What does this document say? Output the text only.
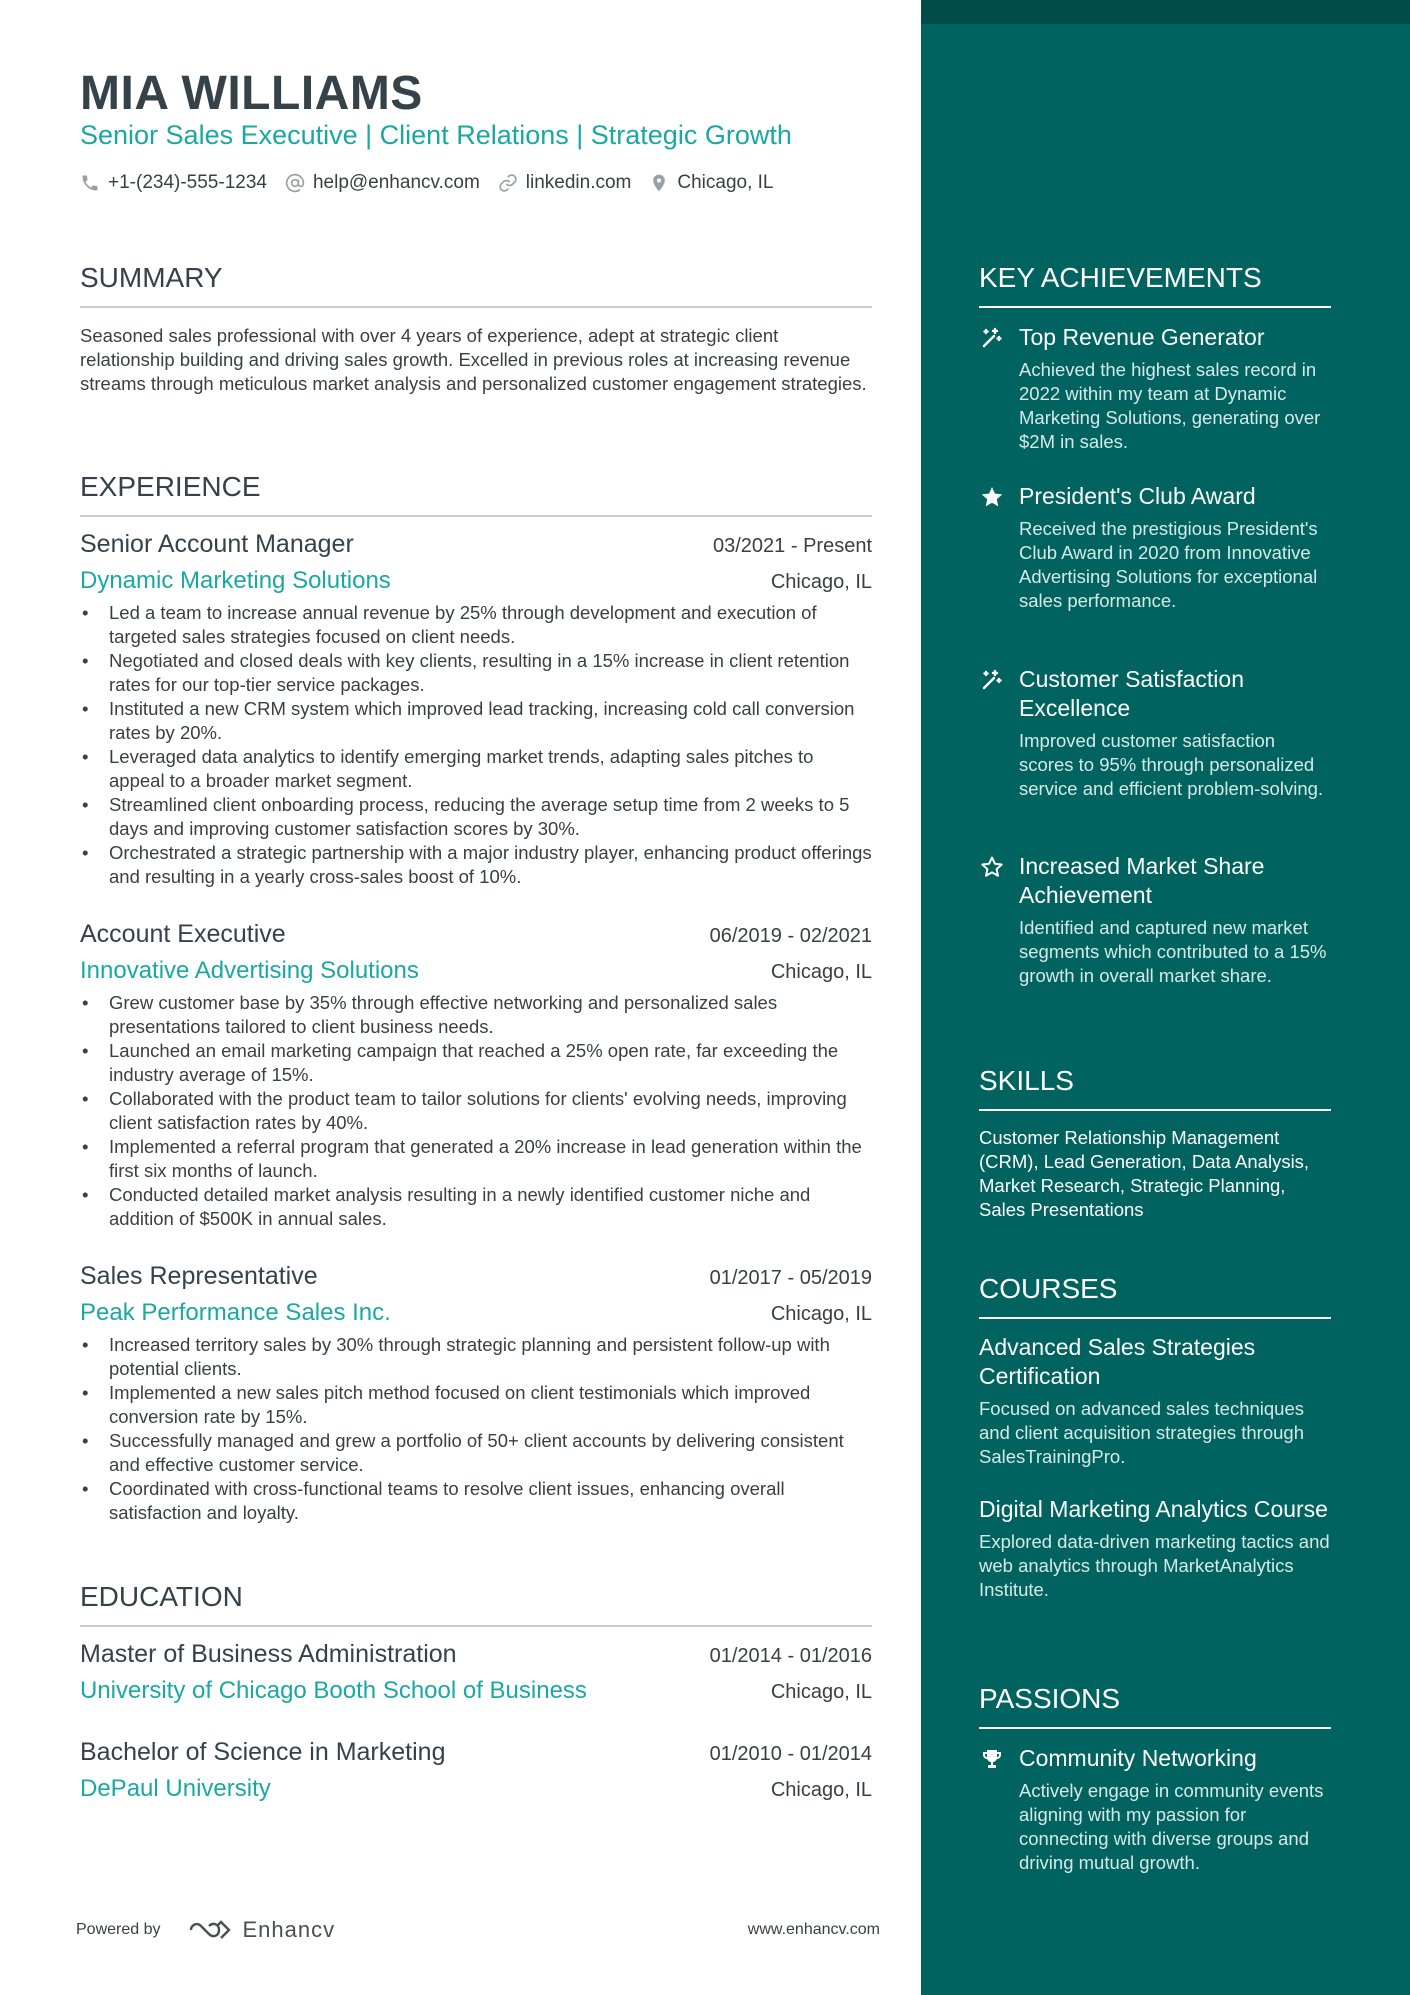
MIA WILLIAMS
Senior Sales Executive | Client Relations | Strategic Growth
+1-(234)-555-1234 help@enhancv.com linkedin.com Chicago, IL
SUMMARY
Seasoned sales professional with over 4 years of experience, adept at strategic client relationship building and driving sales growth. Excelled in previous roles at increasing revenue streams through meticulous market analysis and personalized customer engagement strategies.
EXPERIENCE
Senior Account Manager	03/2021 - Present
Dynamic Marketing Solutions	Chicago, IL
• Led a team to increase annual revenue by 25% through development and execution of targeted sales strategies focused on client needs.
• Negotiated and closed deals with key clients, resulting in a 15% increase in client retention rates for our top-tier service packages.
• Instituted a new CRM system which improved lead tracking, increasing cold call conversion rates by 20%.
• Leveraged data analytics to identify emerging market trends, adapting sales pitches to appeal to a broader market segment.
• Streamlined client onboarding process, reducing the average setup time from 2 weeks to 5 days and improving customer satisfaction scores by 30%.
• Orchestrated a strategic partnership with a major industry player, enhancing product offerings and resulting in a yearly cross-sales boost of 10%.
Account Executive	06/2019 - 02/2021
Innovative Advertising Solutions	Chicago, IL
• Grew customer base by 35% through effective networking and personalized sales presentations tailored to client business needs.
• Launched an email marketing campaign that reached a 25% open rate, far exceeding the industry average of 15%.
• Collaborated with the product team to tailor solutions for clients' evolving needs, improving client satisfaction rates by 40%.
• Implemented a referral program that generated a 20% increase in lead generation within the first six months of launch.
• Conducted detailed market analysis resulting in a newly identified customer niche and addition of $500K in annual sales.
Sales Representative	01/2017 - 05/2019
Peak Performance Sales Inc.	Chicago, IL
• Increased territory sales by 30% through strategic planning and persistent follow-up with potential clients.
• Implemented a new sales pitch method focused on client testimonials which improved conversion rate by 15%.
• Successfully managed and grew a portfolio of 50+ client accounts by delivering consistent and effective customer service.
• Coordinated with cross-functional teams to resolve client issues, enhancing overall satisfaction and loyalty.
EDUCATION
Master of Business Administration	01/2014 - 01/2016
University of Chicago Booth School of Business	Chicago, IL
Bachelor of Science in Marketing	01/2010 - 01/2014
DePaul University	Chicago, IL
Powered by	Enhancv	www.enhancv.com
KEY ACHIEVEMENTS
Top Revenue Generator
Achieved the highest sales record in 2022 within my team at Dynamic Marketing Solutions, generating over $2M in sales.
President's Club Award
Received the prestigious President's Club Award in 2020 from Innovative Advertising Solutions for exceptional sales performance.
Customer Satisfaction Excellence
Improved customer satisfaction scores to 95% through personalized service and efficient problem-solving.
Increased Market Share Achievement
Identified and captured new market segments which contributed to a 15% growth in overall market share.
SKILLS
Customer Relationship Management (CRM), Lead Generation, Data Analysis, Market Research, Strategic Planning, Sales Presentations
COURSES
Advanced Sales Strategies Certification
Focused on advanced sales techniques and client acquisition strategies through SalesTrainingPro.
Digital Marketing Analytics Course
Explored data-driven marketing tactics and web analytics through MarketAnalytics Institute.
PASSIONS
Community Networking
Actively engage in community events aligning with my passion for connecting with diverse groups and driving mutual growth.
